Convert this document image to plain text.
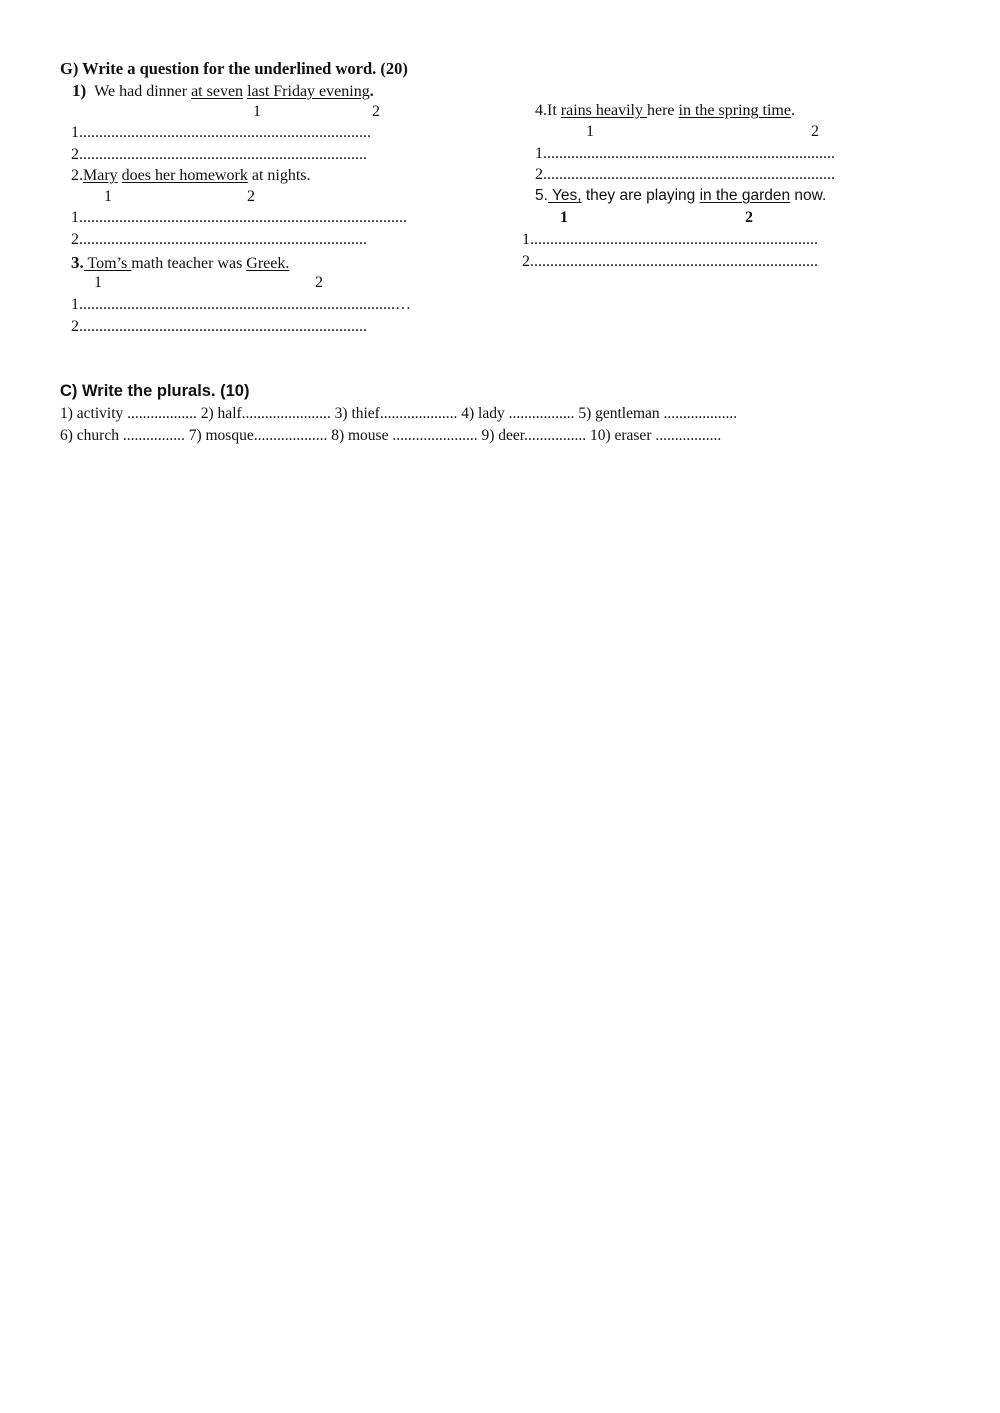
G) Write a question for the underlined word. (20)
1) We had dinner at seven last Friday evening.
1	2
1.........................................................................
2........................................................................
2.Mary does her homework at nights.
1	2
1..................................................................................
2........................................................................
3. Tom’s math teacher was Greek.
1	2
1...............................................................................…
2........................................................................
4.It rains heavily here in the spring time.
1	2
1.........................................................................
2.........................................................................
5. Yes, they are playing in the garden now.
1	2
1........................................................................
2........................................................................
C) Write the plurals. (10)
1) activity .................. 2) half....................... 3) thief.................... 4) lady ................. 5) gentleman ...................
6) church ................ 7) mosque................... 8) mouse ...................... 9) deer................ 10) eraser .................
